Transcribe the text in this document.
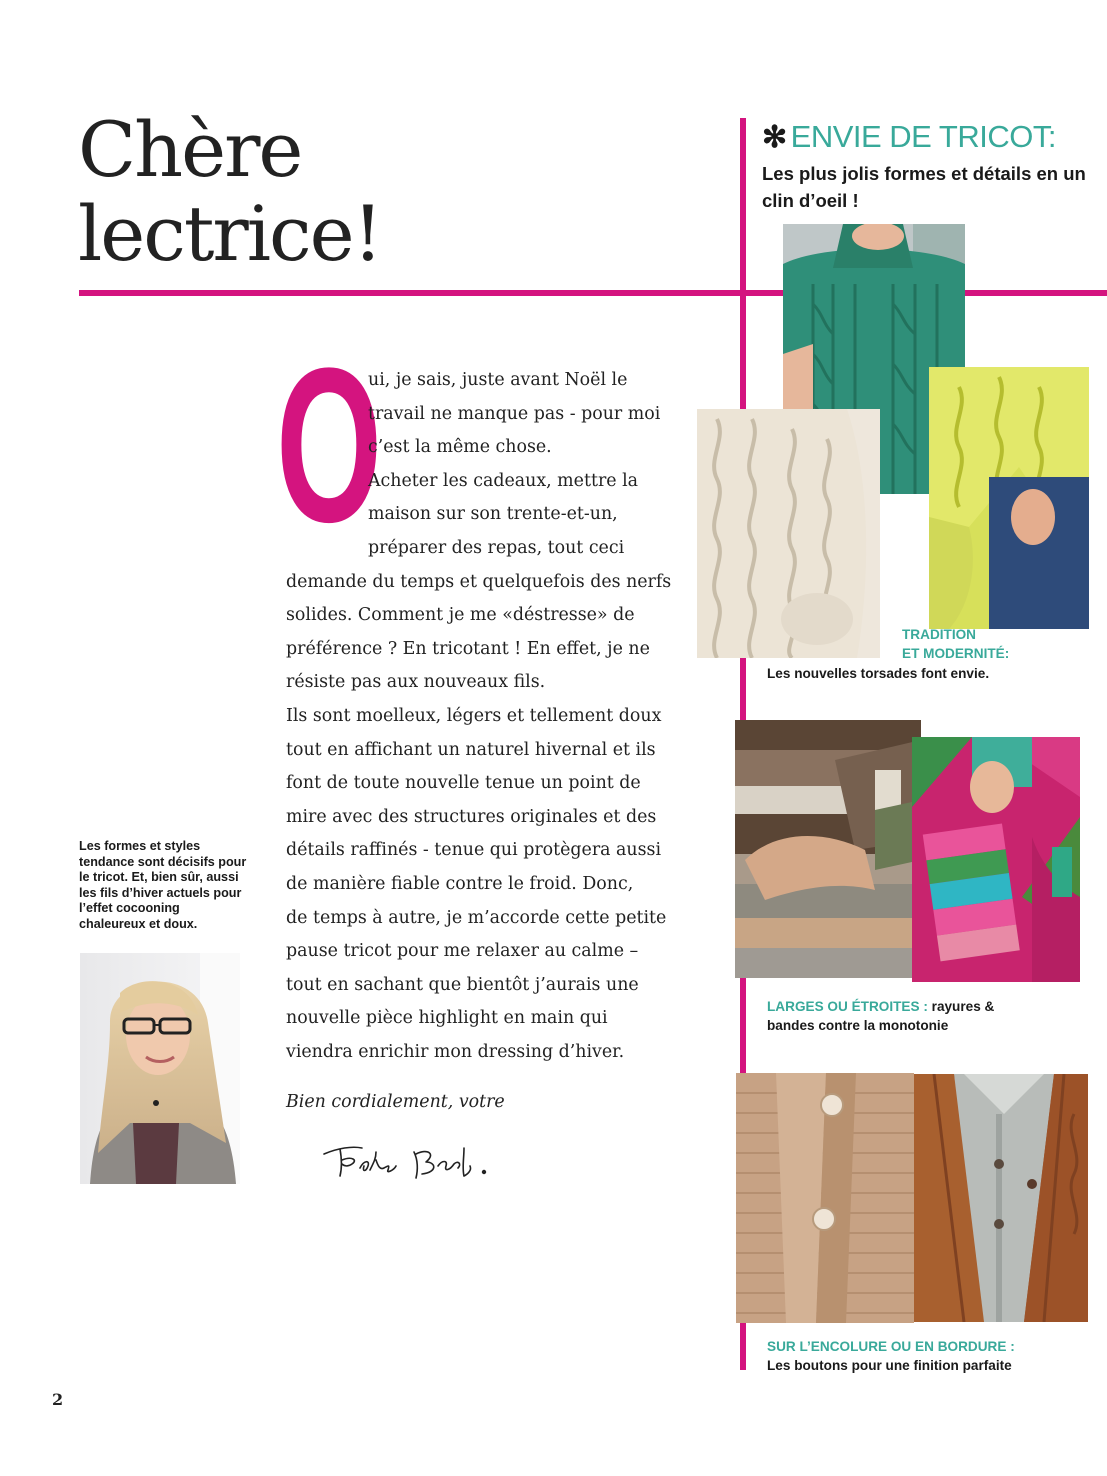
Chère
lectrice!
✻ ENVIE DE TRICOT:
Les plus jolis formes et détails en un clin d’oeil !
O
ui, je sais, juste avant Noël le
travail ne manque pas - pour moi
c’est la même chose.
Acheter les cadeaux, mettre la
maison sur son trente-et-un,
préparer des repas, tout ceci
demande du temps et quelquefois des nerfs
solides. Comment je me «déstresse» de
préférence ? En tricotant ! En effet, je ne
résiste pas aux nouveaux fils.
Ils sont moelleux, légers et tellement doux
tout en affichant un naturel hivernal et ils
font de toute nouvelle tenue un point de
mire avec des structures originales et des
détails raffinés - tenue qui protègera aussi
de manière fiable contre le froid. Donc,
de temps à autre, je m’accorde cette petite
pause tricot pour me relaxer au calme –
tout en sachant que bientôt j’aurais une
nouvelle pièce highlight en main qui
viendra enrichir mon dressing d’hiver.
Bien cordialement, votre
Les formes et styles tendance sont décisifs pour le tricot. Et, bien sûr, aussi les fils d’hiver actuels pour l’effet cocooning chaleureux et doux.
TRADITION
ET MODERNITÉ:
Les nouvelles torsades font envie.
LARGES OU ÉTROITES : rayures &
bandes contre la monotonie
SUR L’ENCOLURE OU EN BORDURE :
Les boutons pour une finition parfaite
2
